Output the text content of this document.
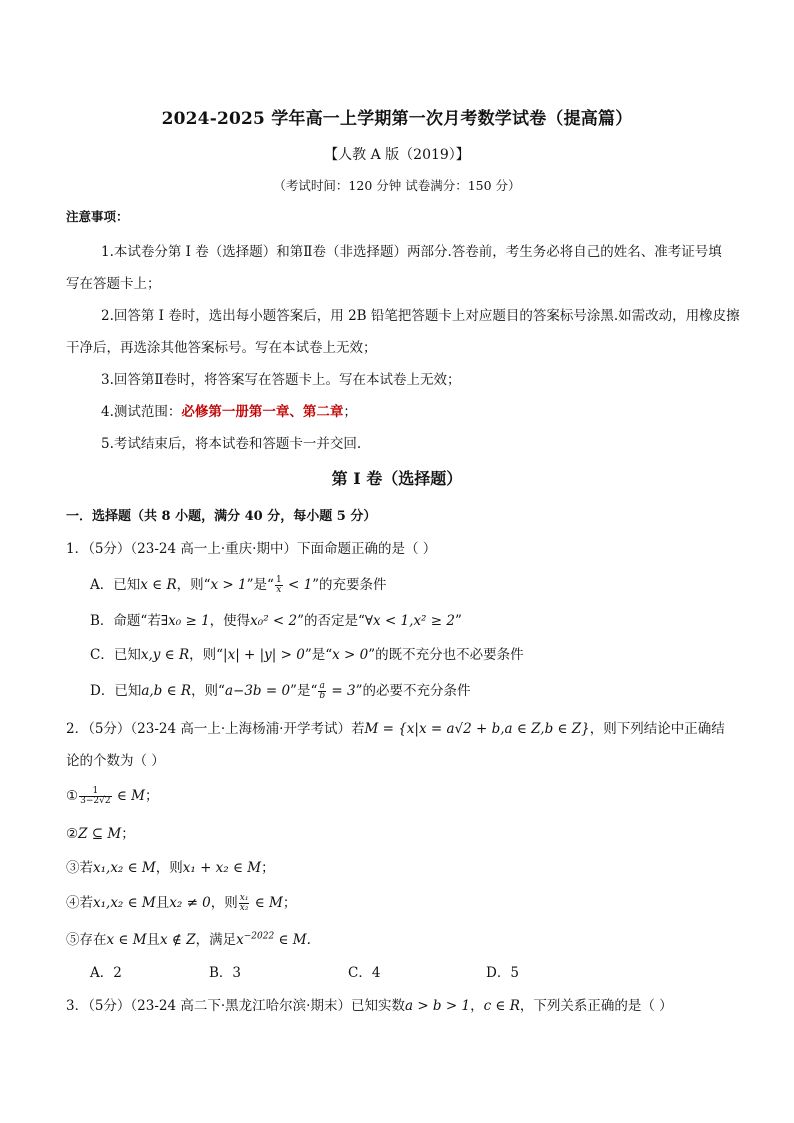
2024-2025 学年高一上学期第一次月考数学试卷（提高篇）
【人教 A 版（2019）】
（考试时间：120 分钟 试卷满分：150 分）
注意事项：
1.本试卷分第 I 卷（选择题）和第Ⅱ卷（非选择题）两部分.答卷前，考生务必将自己的姓名、准考证号填
写在答题卡上；
2.回答第 I 卷时，选出每小题答案后，用 2B 铅笔把答题卡上对应题目的答案标号涂黑.如需改动，用橡皮擦
干净后，再选涂其他答案标号。写在本试卷上无效；
3.回答第Ⅱ卷时，将答案写在答题卡上。写在本试卷上无效；
4.测试范围：必修第一册第一章、第二章；
5.考试结束后，将本试卷和答题卡一并交回.
第 I 卷（选择题）
一．选择题（共 8 小题，满分 40 分，每小题 5 分）
1．（5分）（23-24 高一上·重庆·期中）下面命题正确的是（ ）
A．已知x ∈ R，则“x > 1”是“ $\frac{1}{x} < 1$”的充要条件
B．命题“若∃x₀ ≥ 1，使得x₀² < 2”的否定是“∀x < 1,x² ≥ 2”
C．已知x,y ∈ R，则“|x| + |y| > 0”是“x > 0”的既不充分也不必要条件
D．已知a,b ∈ R，则“a−3b = 0”是“ $\frac{a}{b} = 3$”的必要不充分条件
2．（5分）（23-24 高一上·上海杨浦·开学考试）若M = {x|x = a√2 + b,a ∈ Z,b ∈ Z}，则下列结论中正确结
论的个数为（ ）
① $\frac{1}{3-2√2}$ ∈ M；
②Z ⊆ M；
③若x₁,x₂ ∈ M，则x₁ + x₂ ∈ M；
④若x₁,x₂ ∈ M且x₂ ≠ 0，则 $\frac{\text{x₁}}{\text{x₂}}$ ∈ M；
⑤存在x ∈ M且x ∉ Z，满足$x^{-2022}$ ∈ M.
A．2	B．3	C．4	D．5
3．（5分）（23-24 高二下·黑龙江哈尔滨·期末）已知实数a > b > 1，c ∈ R，下列关系正确的是（ ）
